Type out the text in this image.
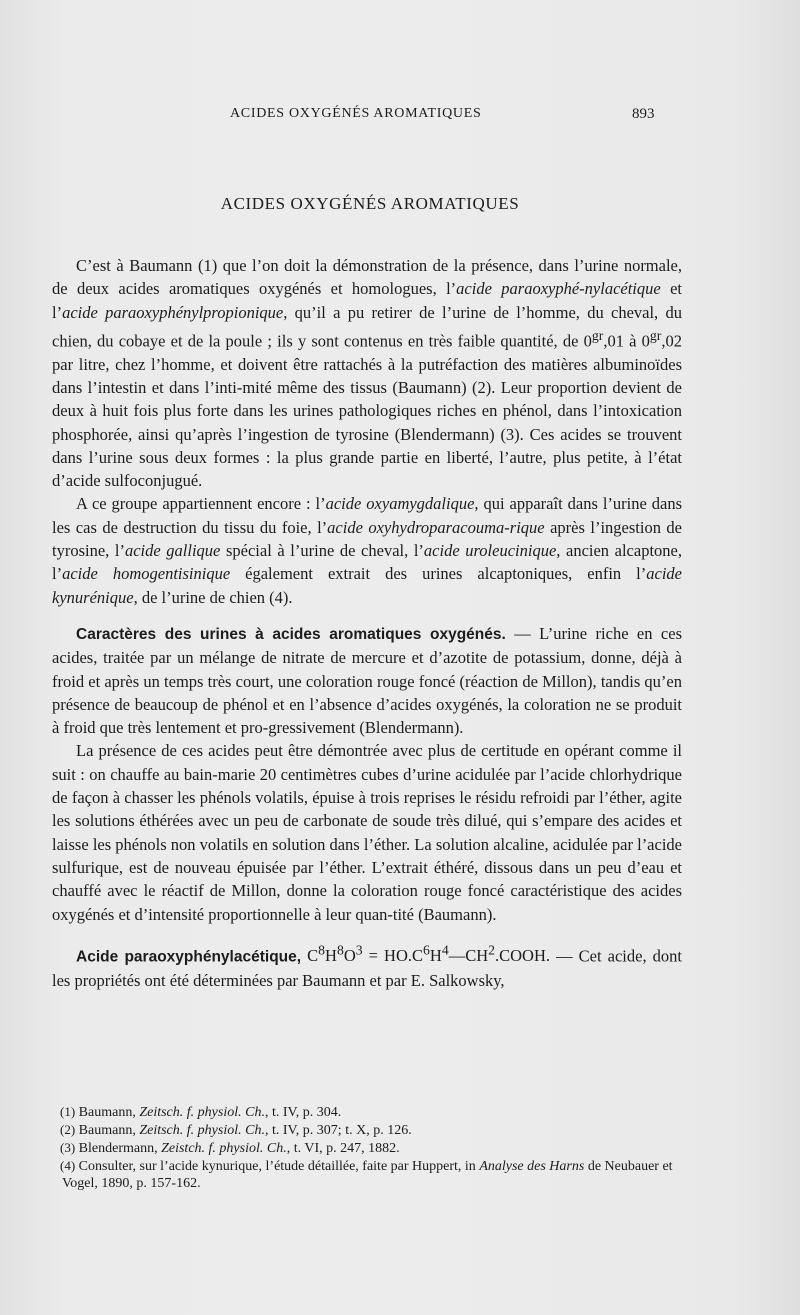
ACIDES OXYGÉNÉS AROMATIQUES	893
ACIDES OXYGÉNÉS AROMATIQUES

C’est à Baumann (1) que l’on doit la démonstration de la présence, dans l’urine normale, de deux acides aromatiques oxygénés et homologues, l’acide paraoxyphé-nylacétique et l’acide paraoxyphénylpropionique, qu’il a pu retirer de l’urine de l’homme, du cheval, du chien, du cobaye et de la poule ; ils y sont contenus en très faible quantité, de $0^{gr},01$ à $0^{gr},02$ par litre, chez l’homme, et doivent être rattachés à la putréfaction des matières albuminoïdes dans l’intestin et dans l’inti-mité même des tissus (Baumann) (2). Leur proportion devient de deux à huit fois plus forte dans les urines pathologiques riches en phénol, dans l’intoxication phosphorée, ainsi qu’après l’ingestion de tyrosine (Blendermann) (3). Ces acides se trouvent dans l’urine sous deux formes : la plus grande partie en liberté, l’autre, plus petite, à l’état d’acide sulfoconjugué.

A ce groupe appartiennent encore : l’acide oxyamygdalique, qui apparaît dans l’urine dans les cas de destruction du tissu du foie, l’acide oxyhydroparacouma-rique après l’ingestion de tyrosine, l’acide gallique spécial à l’urine de cheval, l’acide uroleucinique, ancien alcaptone, l’acide homogentisinique également extrait des urines alcaptoniques, enfin l’acide kynurénique, de l’urine de chien (4).

Caractères des urines à acides aromatiques oxygénés. — L’urine riche en ces acides, traitée par un mélange de nitrate de mercure et d’azotite de potassium, donne, déjà à froid et après un temps très court, une coloration rouge foncé (réaction de Millon), tandis qu’en présence de beaucoup de phénol et en l’absence d’acides oxygénés, la coloration ne se produit à froid que très lentement et pro-gressivement (Blendermann).

La présence de ces acides peut être démontrée avec plus de certitude en opérant comme il suit : on chauffe au bain-marie 20 centimètres cubes d’urine acidulée par l’acide chlorhydrique de façon à chasser les phénols volatils, épuise à trois reprises le résidu refroidi par l’éther, agite les solutions éthérées avec un peu de carbonate de soude très dilué, qui s’empare des acides et laisse les phénols non volatils en solution dans l’éther. La solution alcaline, acidulée par l’acide sulfurique, est de nouveau épuisée par l’éther. L’extrait éthéré, dissous dans un peu d’eau et chauffé avec le réactif de Millon, donne la coloration rouge foncé caractéristique des acides oxygénés et d’intensité proportionnelle à leur quan-tité (Baumann).

Acide paraoxyphénylacétique, $C^8H^8O^3$ = $HO.C^6H^4—CH^2.COOH$. — Cet acide, dont les propriétés ont été déterminées par Baumann et par E. Salkowsky,

(1) Baumann, Zeitsch. f. physiol. Ch., t. IV, p. 304.

(2) Baumann, Zeitsch. f. physiol. Ch., t. IV, p. 307; t. X, p. 126.

(3) Blendermann, Zeistch. f. physiol. Ch., t. VI, p. 247, 1882.

(4) Consulter, sur l’acide kynurique, l’étude détaillée, faite par Huppert, in Analyse des Harns de Neubauer et Vogel, 1890, p. 157-162.
